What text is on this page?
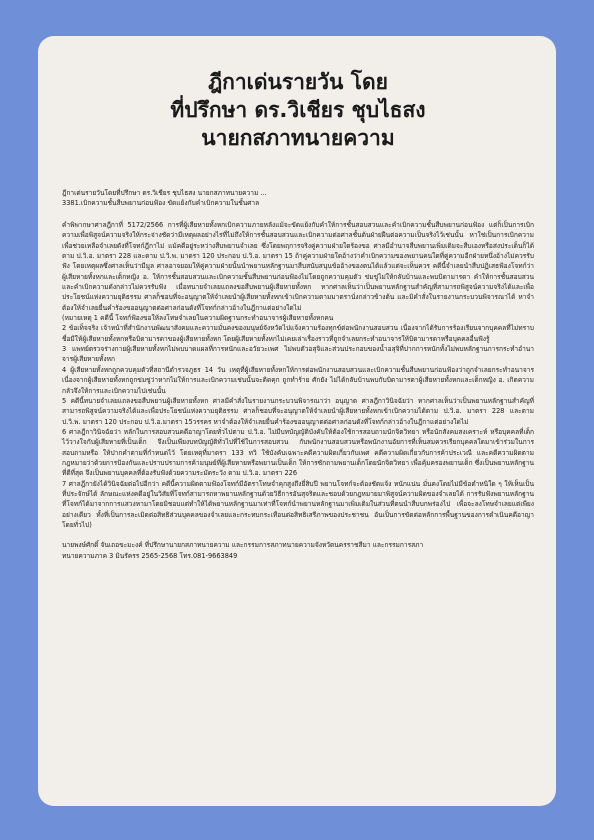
ฎีกาเด่นรายวัน โดย
ที่ปรึกษา ดร.วิเชียร ชุบไธสง
นายกสภาทนายความ
ฎีกาเด่นรายวันโดยที่ปรึกษา ดร.วิเชียร ชุบไธสง นายกสภาทนายความ ...
3381.เบิกความชั้นสืบพยานก่อนฟ้อง ขัดแย้งกับคำเบิกความในชั้นศาล

คำพิพากษาศาลฎีกาที่ 5172/2566 การที่ผู้เสียหายทั้งหกเบิกความภายหลังแม้จะขัดแย้งกับคำให้การชั้นสอบสวนและคำเบิกความชั้นสืบพยานก่อนฟ้อง แต่ก็เป็นการเบิกความเพื่อพิสูจน์ความจริงให้กระจ่างชัดว่ามีเหตุผลอย่างไรที่ไม่ถึงให้การชั้นสอบสวนและเบิกความต่อศาลชั้นต้นฝ่ายฝืนต่อความเป็นจริงไว้เช่นนั้น หาใช่เป็นการเบิกความเพื่อช่วยเหลือจำเลยดังที่โจทก์ฎีกาไม่ แม้คดีอยู่ระหว่างสืบพยานจำเลย ซึ่งโดยพฤการจริงคู่ความฝ่ายใดร้องขอ ศาลมีอำนาจสืบพยานเพิ่มเติมจะสืบเองหรือส่งประเด็นก็ได้ ตาม ป.วิ.อ. มาตรา 228 และตาม ป.วิ.พ. มาตรา 120 ประกอบ ป.วิ.อ. มาตรา 15 ถ้าคู่ความฝ่ายใดอ้างว่าคำเบิกความของพยานคนใดที่คู่ความอีกฝ่ายหนึ่งอ้างไม่ควรรับฟัง โดยเหตุผลซึ่งศาลเห็นว่ามีมูล ศาลอาจยอมให้คู่ความฝ่ายนั้นนำพยานหลักฐานมาสืบสนับสนุนข้ออ้างของตนได้แล้วแต่จะเห็นควร คดีนี้จำเลยนำสืบปฏิเสธฟ้องโจทก์ว่า ผู้เสียหายทั้งหกและเด็กหญิง อ. ให้การชั้นสอบสวนและเบิกความชั้นสืบพยานก่อนฟ้องไม่โดยถูกความคุมตัว ข่มขู่ไม่ให้กลับบ้านและพบบิดามารดา คำให้การชั้นสอบสวนและคำเบิกความดังกล่าวไม่ควรรับฟัง เมื่อทนายจำเลยแถลงขอสืบพยานผู้เสียหายทั้งหก หากศาลเห็นว่าเป็นพยานหลักฐานสำคัญที่สามารถพิสูจน์ความจริงได้และเพื่อประโยชน์แห่งความยุติธรรม ศาลก็ชอบที่จะอนุญาตให้จำเลยนำผู้เสียหายทั้งหกเข้าเบิกความตามมาตรานั่งกล่าวข้างต้น และมิคำสั่งในรายงานกระบวนพิจารณาได้ หาจำต้องให้จำเลยยื่นคำร้องขออนุญาตต่อศาลก่อนดังที่โจทก์กล่าวอ้างในฎีกาแต่อย่างใดไม่

(หมายเหตุ 1 คดีนี้ โจทก์ฟ้องขอให้ลงโทษจำเลยในความผิดฐานกระทำอนาจารผู้เสียหายทั้งหกคน

2 ข้อเท็จจริง เจ้าหน้าที่สำนักงานพัฒนาสังคมและความมั่นคงของมนุษย์จังหวัดไปแจ้งความร้องทุกข์ต่อพนักงานสอบสวน เนื่องจากได้รับการร้องเรียนจากบุคคลที่ไม่ทราบชื่อมีให้ผู้เสียหายทั้งหกหรือบิดามารดาของผู้เสียหายทั้งหก โดยผู้เสียหายทั้งหกไม่เคยเล่าเรื่องราวที่ถูกจำเลยกระทำอนาจารให้บิดามารดาหรือบุคคลอื่นฟังรู้

3 แพทย์ตรวจร่างกายผู้เสียหายทั้งหกไม่พบบาดแผลที่การหนักและอวัยวะเพศ ไม่พบตัวอสุจิและส่วนประกอบของน้ำอสุจิที่ปากการหนักทั้งไม่พบหลักฐานการกระทำอำนาจารผู้เสียหายทั้งหก

4 ผู้เสียหายทั้งหกถูกควบคุมตัวที่สถานีตำรวจภูธร 14 วัน เหตุที่ผู้เสียหายทั้งหกให้การต่อพนักงานสอบสวนและเบิกความชั้นสืบพยานก่อนฟ้องว่าถูกจำเลยกระทำอนาจาร เนื่องจากผู้เสียหายทั้งหกถูกข่มขู่ว่าหากไม่ให้การและเบิกความเช่นนั้นจะติดคุก ถูกทำร้าย ศักยัง ไม่ได้กลับบ้านพบกับบิดามารดาผู้เสียหายทั้งหกและเด็กหญิง อ. เกิดความกลัวจึงให้การและเบิกความไปเช่นนั้น

5 คดีนี้ทนายจำเลยแถลงขอสืบพยานผู้เสียหายทั้งหก ศาลมีคำสั่งในรายงานกระบวนพิจารณาว่า อนุญาต ศาลฎีกาวินิจฉัยว่า หากศาลเห็นว่าเป็นพยานหลักฐานสำคัญที่สามารถพิสูจน์ความจริงได้และเพื่อประโยชน์แห่งความยุติธรรม ศาลก็ชอบที่จะอนุญาตให้จำเลยนำผู้เสียหายทั้งหกเข้าเบิกความได้ตาม ป.วิ.อ. มาตรา 228 และตาม ป.วิ.พ. มาตรา 120 ประกอบ ป.วิ.อ.มาตรา 15วรรคร หาจำต้องให้จำเลยยื่นคำร้องขออนุญาตต่อศาลก่อนดังที่โจทก์กล่าวอ้างในฎีกาแต่อย่างใดไม่

6 ศาลฎีกาวินิจฉัยว่า หลักในการสอบสวนคดีอาญาโดยทั่วไปตาม ป.วิ.อ. ไม่มีบทบัญญัติบังคับให้ต้องใช้การสอบถามนักจิตวิทยา หรือนักสังคมสงเคราะห์ หรือบุคคลที่เด็กไว้วางใจกับผู้เสียหายที่เป็นเด็ก จึงเป็นเพียงบทบัญญัติทั่วไปที่ใช้ในการสอบสวน กับพนักงานสอบสวนหรือพนักงานอัยการที่เห็นสมควรเรียกบุคคลใดมาเข้าร่วมในการสอบถามหรือ ให้ปากคำตามที่กำหนดไว้ โดยเหตุที่มาตรา 133 ทวิ ใช้บังคับเฉพาะคดีความผิดเกี่ยวกับเพศ คดีความผิดเกี่ยวกับการค้าประเวณี และคดีความผิดตามกฎหมายว่าด้วยการป้องกันและปราบปรามการค้ามนุษย์ที่ผู้เสียหายหรือพยานเป็นเด็ก ให้การซักถามพยานเด็กโดยนักจิตวิทยา เพื่อคุ้มครองพยานเด็ก ซึ่งเป็นพยานหลักฐานที่ดีที่สุด จึงเป็นพยานบุคคลที่ต้องรับฟังด้วยความระมัดระวัง ตาม ป.วิ.อ. มาตรา 226

7 ศาลฎีกายังได้วินิจฉัยต่อไปอีกว่า คดีนี้ความผิดตามฟ้องโจทก์มีอัตราโทษจำคุกสูงถึงยี่สิบปี พยานโจทก์จะต้องชัดแจ้ง หนักแน่น มั่นคงโดยไม่มีข้อตำหนิใด ๆ ให้เห็นเป็นที่ประจักษ์ได้ ลักษณะแห่งคดีอยู่ในวิสัยที่โจทก์สามารถหาพยานหลักฐานด้วยวิธีการอันสุจริตและชอบด้วยกฎหมายมาพิสูจน์ความผิดของจำเลยได้ การรับฟังพยานหลักฐานที่โจทก์ได้มาจากการแสวงหามาโดยมิชอบแต่ทำให้ได้พยานหลักฐานมาเท่าที่โจทก์นำพยานหลักฐานมาเพิ่มเติมในส่วนที่ตนนำสืบบกพร่องไป เพื่อจะลงโทษจำเลยแต่เพียงอย่างเดียว ทั้งที่เป็นการละเมิดต่อสิทธิส่วนบุคคลของจำเลยและกระทบกระเทือนต่อสิทธิเสรีภาพของประชาชน อันเป็นการขัดต่อหลักการพื้นฐานของการดำเนินคดีอาญาโดยทั่วไป)

นายพงษ์ศักดิ์ จันเถอขะมะงค์ ที่ปรึกษานายกสภาทนายความ และกรรมการสภาทนายความจังหวัดนครราชสีมา และกรรมการสภา
ทนายความภาค 3 มินรัครร 2565-2568 โทร.081-9663849
